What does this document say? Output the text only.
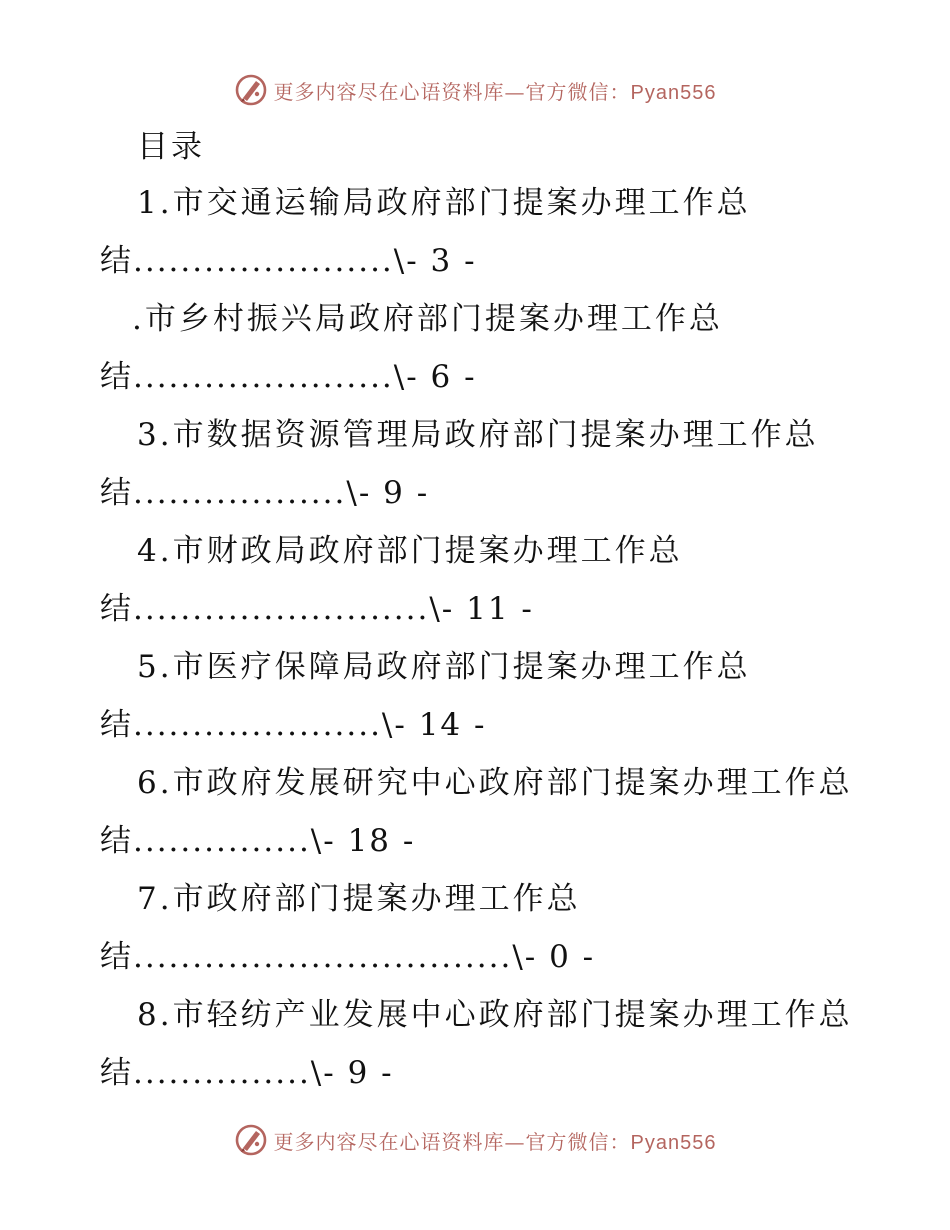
更多内容尽在心语资料库—官方微信：Pyan556
目录
1.市交通运输局政府部门提案办理工作总
结......................\- 3 -
.市乡村振兴局政府部门提案办理工作总
结......................\- 6 -
3.市数据资源管理局政府部门提案办理工作总
结..................\- 9 -
4.市财政局政府部门提案办理工作总
结.........................\- 11 -
5.市医疗保障局政府部门提案办理工作总
结.....................\- 14 -
6.市政府发展研究中心政府部门提案办理工作总
结...............\- 18 -
7.市政府部门提案办理工作总
结................................\- 0 -
8.市轻纺产业发展中心政府部门提案办理工作总
结...............\- 9 -
更多内容尽在心语资料库—官方微信：Pyan556
